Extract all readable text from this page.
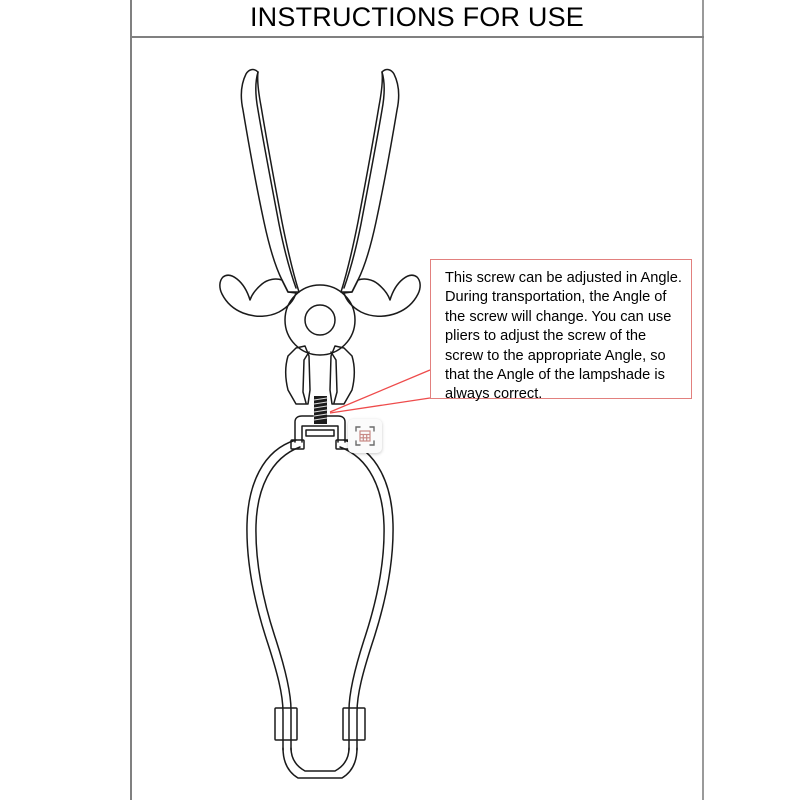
INSTRUCTIONS FOR USE
This screw can be adjusted in Angle. During transportation, the Angle of the screw will change. You can use pliers to adjust the screw of the screw to the appropriate Angle, so that the Angle of the lampshade is always correct.
